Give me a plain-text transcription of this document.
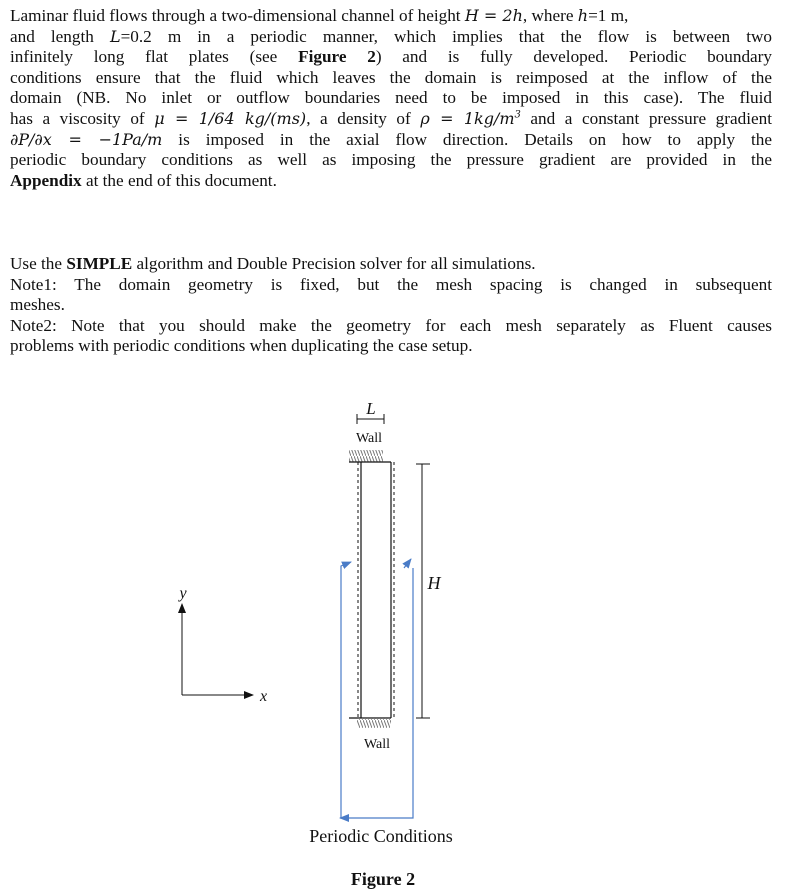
Laminar fluid flows through a two-dimensional channel of height H = 2h, where h=1 m,
and length L=0.2 m in a periodic manner, which implies that the flow is between two
infinitely long flat plates (see Figure 2) and is fully developed. Periodic boundary
conditions ensure that the fluid which leaves the domain is reimposed at the inflow of the
domain (NB. No inlet or outflow boundaries need to be imposed in this case). The fluid
has a viscosity of μ = 1/64 kg/(ms), a density of $\rho = 1kg/m^3$ and a constant pressure gradient
∂P/∂x = −1Pa/m is imposed in the axial flow direction. Details on how to apply the
periodic boundary conditions as well as imposing the pressure gradient are provided in the
Appendix at the end of this document.
Use the SIMPLE algorithm and Double Precision solver for all simulations.
Note1: The domain geometry is fixed, but the mesh spacing is changed in subsequent
meshes.
Note2: Note that you should make the geometry for each mesh separately as Fluent causes
problems with periodic conditions when duplicating the case setup.
L
Wall
Wall
H
y
x
Periodic Conditions
Figure 2
